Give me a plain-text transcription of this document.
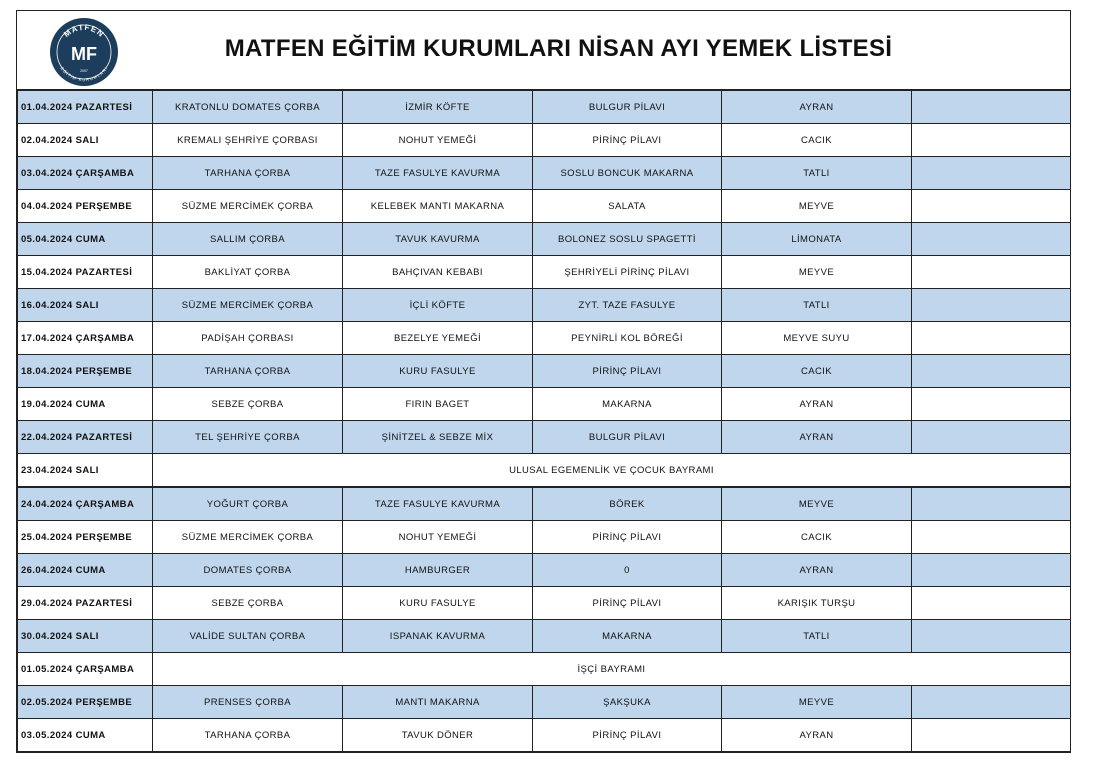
MATFEN
EĞİTİM KURUMLARI
MF
2007
MATFEN EĞİTİM KURUMLARI NİSAN AYI YEMEK LİSTESİ
01.04.2024 PAZARTESİ	KRATONLU DOMATES ÇORBA	İZMİR KÖFTE	BULGUR PİLAVI	AYRAN	
02.04.2024 SALI	KREMALI ŞEHRİYE ÇORBASI	NOHUT YEMEĞİ	PİRİNÇ PİLAVI	CACIK	
03.04.2024 ÇARŞAMBA	TARHANA ÇORBA	TAZE FASULYE KAVURMA	SOSLU BONCUK MAKARNA	TATLI	
04.04.2024 PERŞEMBE	SÜZME MERCİMEK ÇORBA	KELEBEK MANTI MAKARNA	SALATA	MEYVE	
05.04.2024 CUMA	SALLIM ÇORBA	TAVUK KAVURMA	BOLONEZ SOSLU SPAGETTİ	LİMONATA	
15.04.2024 PAZARTESİ	BAKLİYAT ÇORBA	BAHÇIVAN KEBABI	ŞEHRİYELİ PİRİNÇ PİLAVI	MEYVE	
16.04.2024 SALI	SÜZME MERCİMEK ÇORBA	İÇLİ KÖFTE	ZYT. TAZE FASULYE	TATLI	
17.04.2024 ÇARŞAMBA	PADİŞAH ÇORBASI	BEZELYE YEMEĞİ	PEYNİRLİ KOL BÖREĞİ	MEYVE SUYU	
18.04.2024 PERŞEMBE	TARHANA ÇORBA	KURU FASULYE	PİRİNÇ PİLAVI	CACIK	
19.04.2024 CUMA	SEBZE ÇORBA	FIRIN BAGET	MAKARNA	AYRAN	
22.04.2024 PAZARTESİ	TEL ŞEHRİYE ÇORBA	ŞİNİTZEL & SEBZE MİX	BULGUR PİLAVI	AYRAN	
23.04.2024 SALI	ULUSAL EGEMENLİK VE ÇOCUK BAYRAMI				
24.04.2024 ÇARŞAMBA	YOĞURT ÇORBA	TAZE FASULYE KAVURMA	BÖREK	MEYVE	
25.04.2024 PERŞEMBE	SÜZME MERCİMEK ÇORBA	NOHUT YEMEĞİ	PİRİNÇ PİLAVI	CACIK	
26.04.2024 CUMA	DOMATES ÇORBA	HAMBURGER	0	AYRAN	
29.04.2024 PAZARTESİ	SEBZE ÇORBA	KURU FASULYE	PİRİNÇ PİLAVI	KARIŞIK TURŞU	
30.04.2024 SALI	VALİDE SULTAN ÇORBA	ISPANAK KAVURMA	MAKARNA	TATLI	
01.05.2024 ÇARŞAMBA	İŞÇİ BAYRAMI				
02.05.2024 PERŞEMBE	PRENSES ÇORBA	MANTI MAKARNA	ŞAKŞUKA	MEYVE	
03.05.2024 CUMA	TARHANA ÇORBA	TAVUK DÖNER	PİRİNÇ PİLAVI	AYRAN	
